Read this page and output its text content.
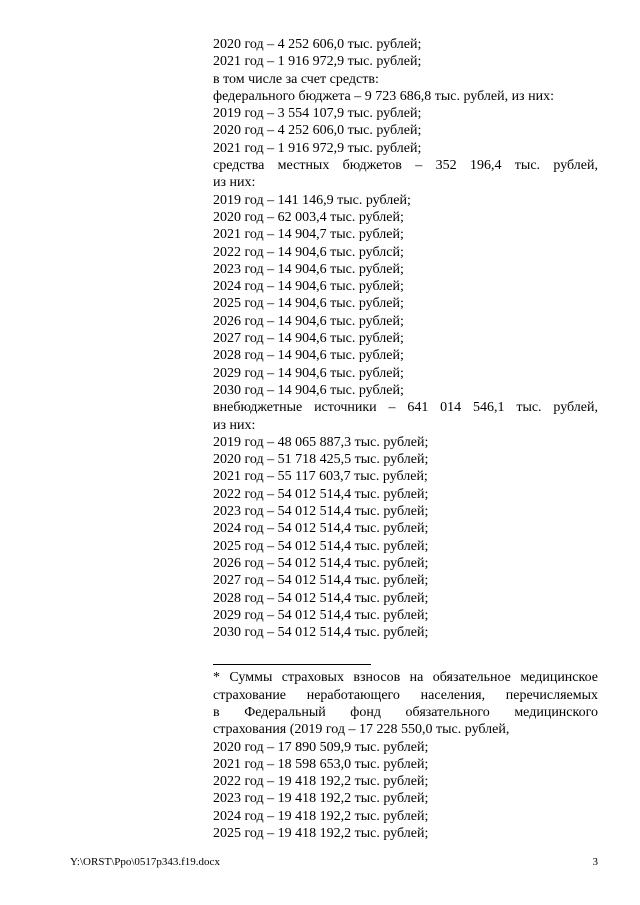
2020 год – 4 252 606,0 тыс. рублей;
2021 год – 1 916 972,9 тыс. рублей;
в том числе за счет средств:
федерального бюджета – 9 723 686,8 тыс. рублей, из них:
2019 год – 3 554 107,9 тыс. рублей;
2020 год – 4 252 606,0 тыс. рублей;
2021 год – 1 916 972,9 тыс. рублей;
средства местных бюджетов – 352 196,4 тыс. рублей,
из них:
2019 год – 141 146,9 тыс. рублей;
2020 год – 62 003,4 тыс. рублей;
2021 год – 14 904,7 тыс. рублей;
2022 год – 14 904,6 тыс. рублсй;
2023 год – 14 904,6 тыс. рублей;
2024 год – 14 904,6 тыс. рублей;
2025 год – 14 904,6 тыс. рублей;
2026 год – 14 904,6 тыс. рублей;
2027 год – 14 904,6 тыс. рублей;
2028 год – 14 904,6 тыс. рублей;
2029 год – 14 904,6 тыс. рублей;
2030 год – 14 904,6 тыс. рублей;
внебюджетные источники – 641 014 546,1 тыс. рублей,
из них:
2019 год – 48 065 887,3 тыс. рублей;
2020 год – 51 718 425,5 тыс. рублей;
2021 год – 55 117 603,7 тыс. рублей;
2022 год – 54 012 514,4 тыс. рублей;
2023 год – 54 012 514,4 тыс. рублей;
2024 год – 54 012 514,4 тыс. рублей;
2025 год – 54 012 514,4 тыс. рублей;
2026 год – 54 012 514,4 тыс. рублей;
2027 год – 54 012 514,4 тыс. рублей;
2028 год – 54 012 514,4 тыс. рублей;
2029 год – 54 012 514,4 тыс. рублей;
2030 год – 54 012 514,4 тыс. рублей;
* Суммы страховых взносов на обязательное медицинское
страхование неработающего населения, перечисляемых
в Федеральный фонд обязательного медицинского
страхования (2019 год – 17 228 550,0 тыс. рублей,
2020 год – 17 890 509,9 тыс. рублей;
2021 год – 18 598 653,0 тыс. рублей;
2022 год – 19 418 192,2 тыс. рублей;
2023 год – 19 418 192,2 тыс. рублей;
2024 год – 19 418 192,2 тыс. рублей;
2025 год – 19 418 192,2 тыс. рублей;
Y:\ORST\Ppo\0517p343.f19.docx	3
